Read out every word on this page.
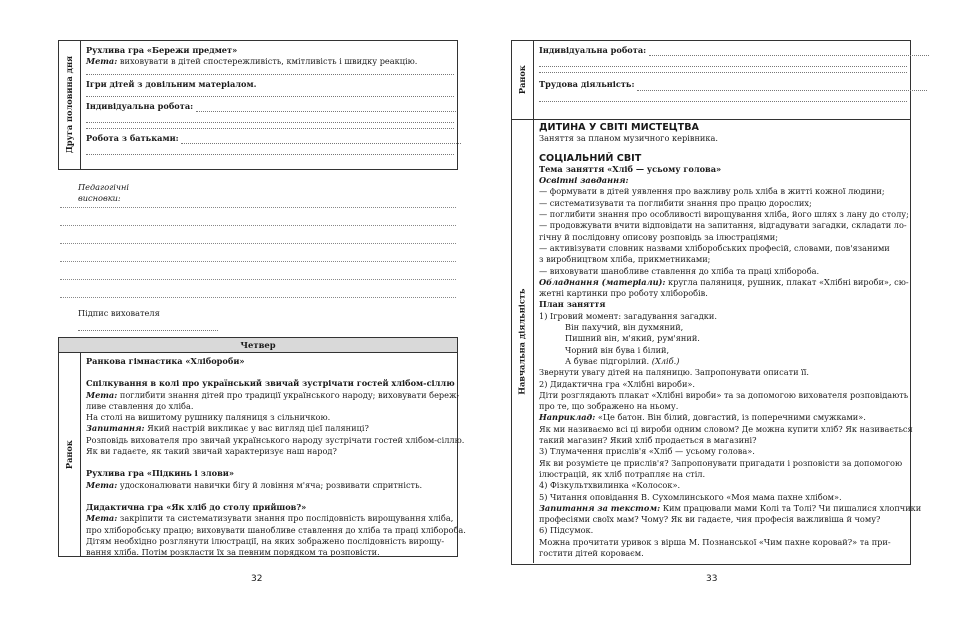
Друга половина дня

Рухлива гра «Бережи предмет»

Мета: виховувати в дітей спостережливість, кмітливість і швидку реакцію.

Ігри дітей з довільним матеріалом.

Індивідуальна робота:

Робота з батьками:

Педагогічні висновки:

Підпис вихователя

Четвер
Ранок

Ранкова гімнастика «Хлібороби»

Спілкування в колі про український звичай зустрічати гостей хлібом-сіллю

Мета: поглибити знання дітей про традиції українського народу; виховувати береж-

ливе ставлення до хліба.

На столі на вишитому рушнику паляниця з сільничкою.

Запитання: Який настрій викликає у вас вигляд цієї паляниці?

Розповідь вихователя про звичай українського народу зустрічати гостей хлібом-сіллю.

Як ви гадаєте, як такий звичай характеризує наш народ?

Рухлива гра «Підкинь і злови»

Мета: удосконалювати навички бігу й ловіння м'яча; розвивати спритність.

Дидактична гра «Як хліб до столу прийшов?»

Мета: закріпити та систематизувати знання про послідовність вирощування хліба,

про хліборобську працю; виховувати шанобливе ставлення до хліба та праці хлібороба.

Дітям необхідно розглянути ілюстрації, на яких зображено послідовність вирощу-

вання хліба. Потім розкласти їх за певним порядком та розповісти.

32
Ранок

Індивідуальна робота:

Трудова діяльність:

Навчальна діяльність

ДИТИНА У СВІТІ МИСТЕЦТВА

Заняття за планом музичного керівника.

СОЦІАЛЬНИЙ СВІТ

Тема заняття «Хліб — усьому голова»

Освітні завдання:

— формувати в дітей уявлення про важливу роль хліба в житті кожної людини;

— систематизувати та поглибити знання про працю дорослих;

— поглибити знання про особливості вирощування хліба, його шлях з лану до столу;

— продовжувати вчити відповідати на запитання, відгадувати загадки, складати ло-

гічну й послідовну описову розповідь за ілюстраціями;

— активізувати словник назвами хліборобських професій, словами, пов'язаними

з виробництвом хліба, прикметниками;

— виховувати шанобливе ставлення до хліба та праці хлібороба.

Обладнання (матеріали): кругла паляниця, рушник, плакат «Хлібні вироби», сю-

жетні картинки про роботу хліборобів.

План заняття

1) Ігровий момент: загадування загадки.

Він пахучий, він духмяний,

Пишний він, м'який, рум'яний.

Чорний він бува і білий,

А буває підгорілий. (Хліб.)

Звернути увагу дітей на паляницю. Запропонувати описати її.

2) Дидактична гра «Хлібні вироби».

Діти розглядають плакат «Хлібні вироби» та за допомогою вихователя розповідають

про те, що зображено на ньому.

Наприклад: «Це батон. Він білий, довгастий, із поперечними смужками».

Як ми називаємо всі ці вироби одним словом? Де можна купити хліб? Як називається

такий магазин? Який хліб продається в магазині?

3) Тлумачення прислів'я «Хліб — усьому голова».

Як ви розумієте це прислів'я? Запропонувати пригадати і розповісти за допомогою

ілюстрацій, як хліб потрапляє на стіл.

4) Фізкультхвилинка «Колосок».

5) Читання оповідання В. Сухомлинського «Моя мама пахне хлібом».

Запитання за текстом: Ким працювали мами Колі та Толі? Чи пишалися хлопчики

професіями своїх мам? Чому? Як ви гадаєте, чия професія важливіша й чому?

6) Підсумок.

Можна прочитати уривок з вірша М. Познанської «Чим пахне коровай?» та при-

гостити дітей короваєм.

33
